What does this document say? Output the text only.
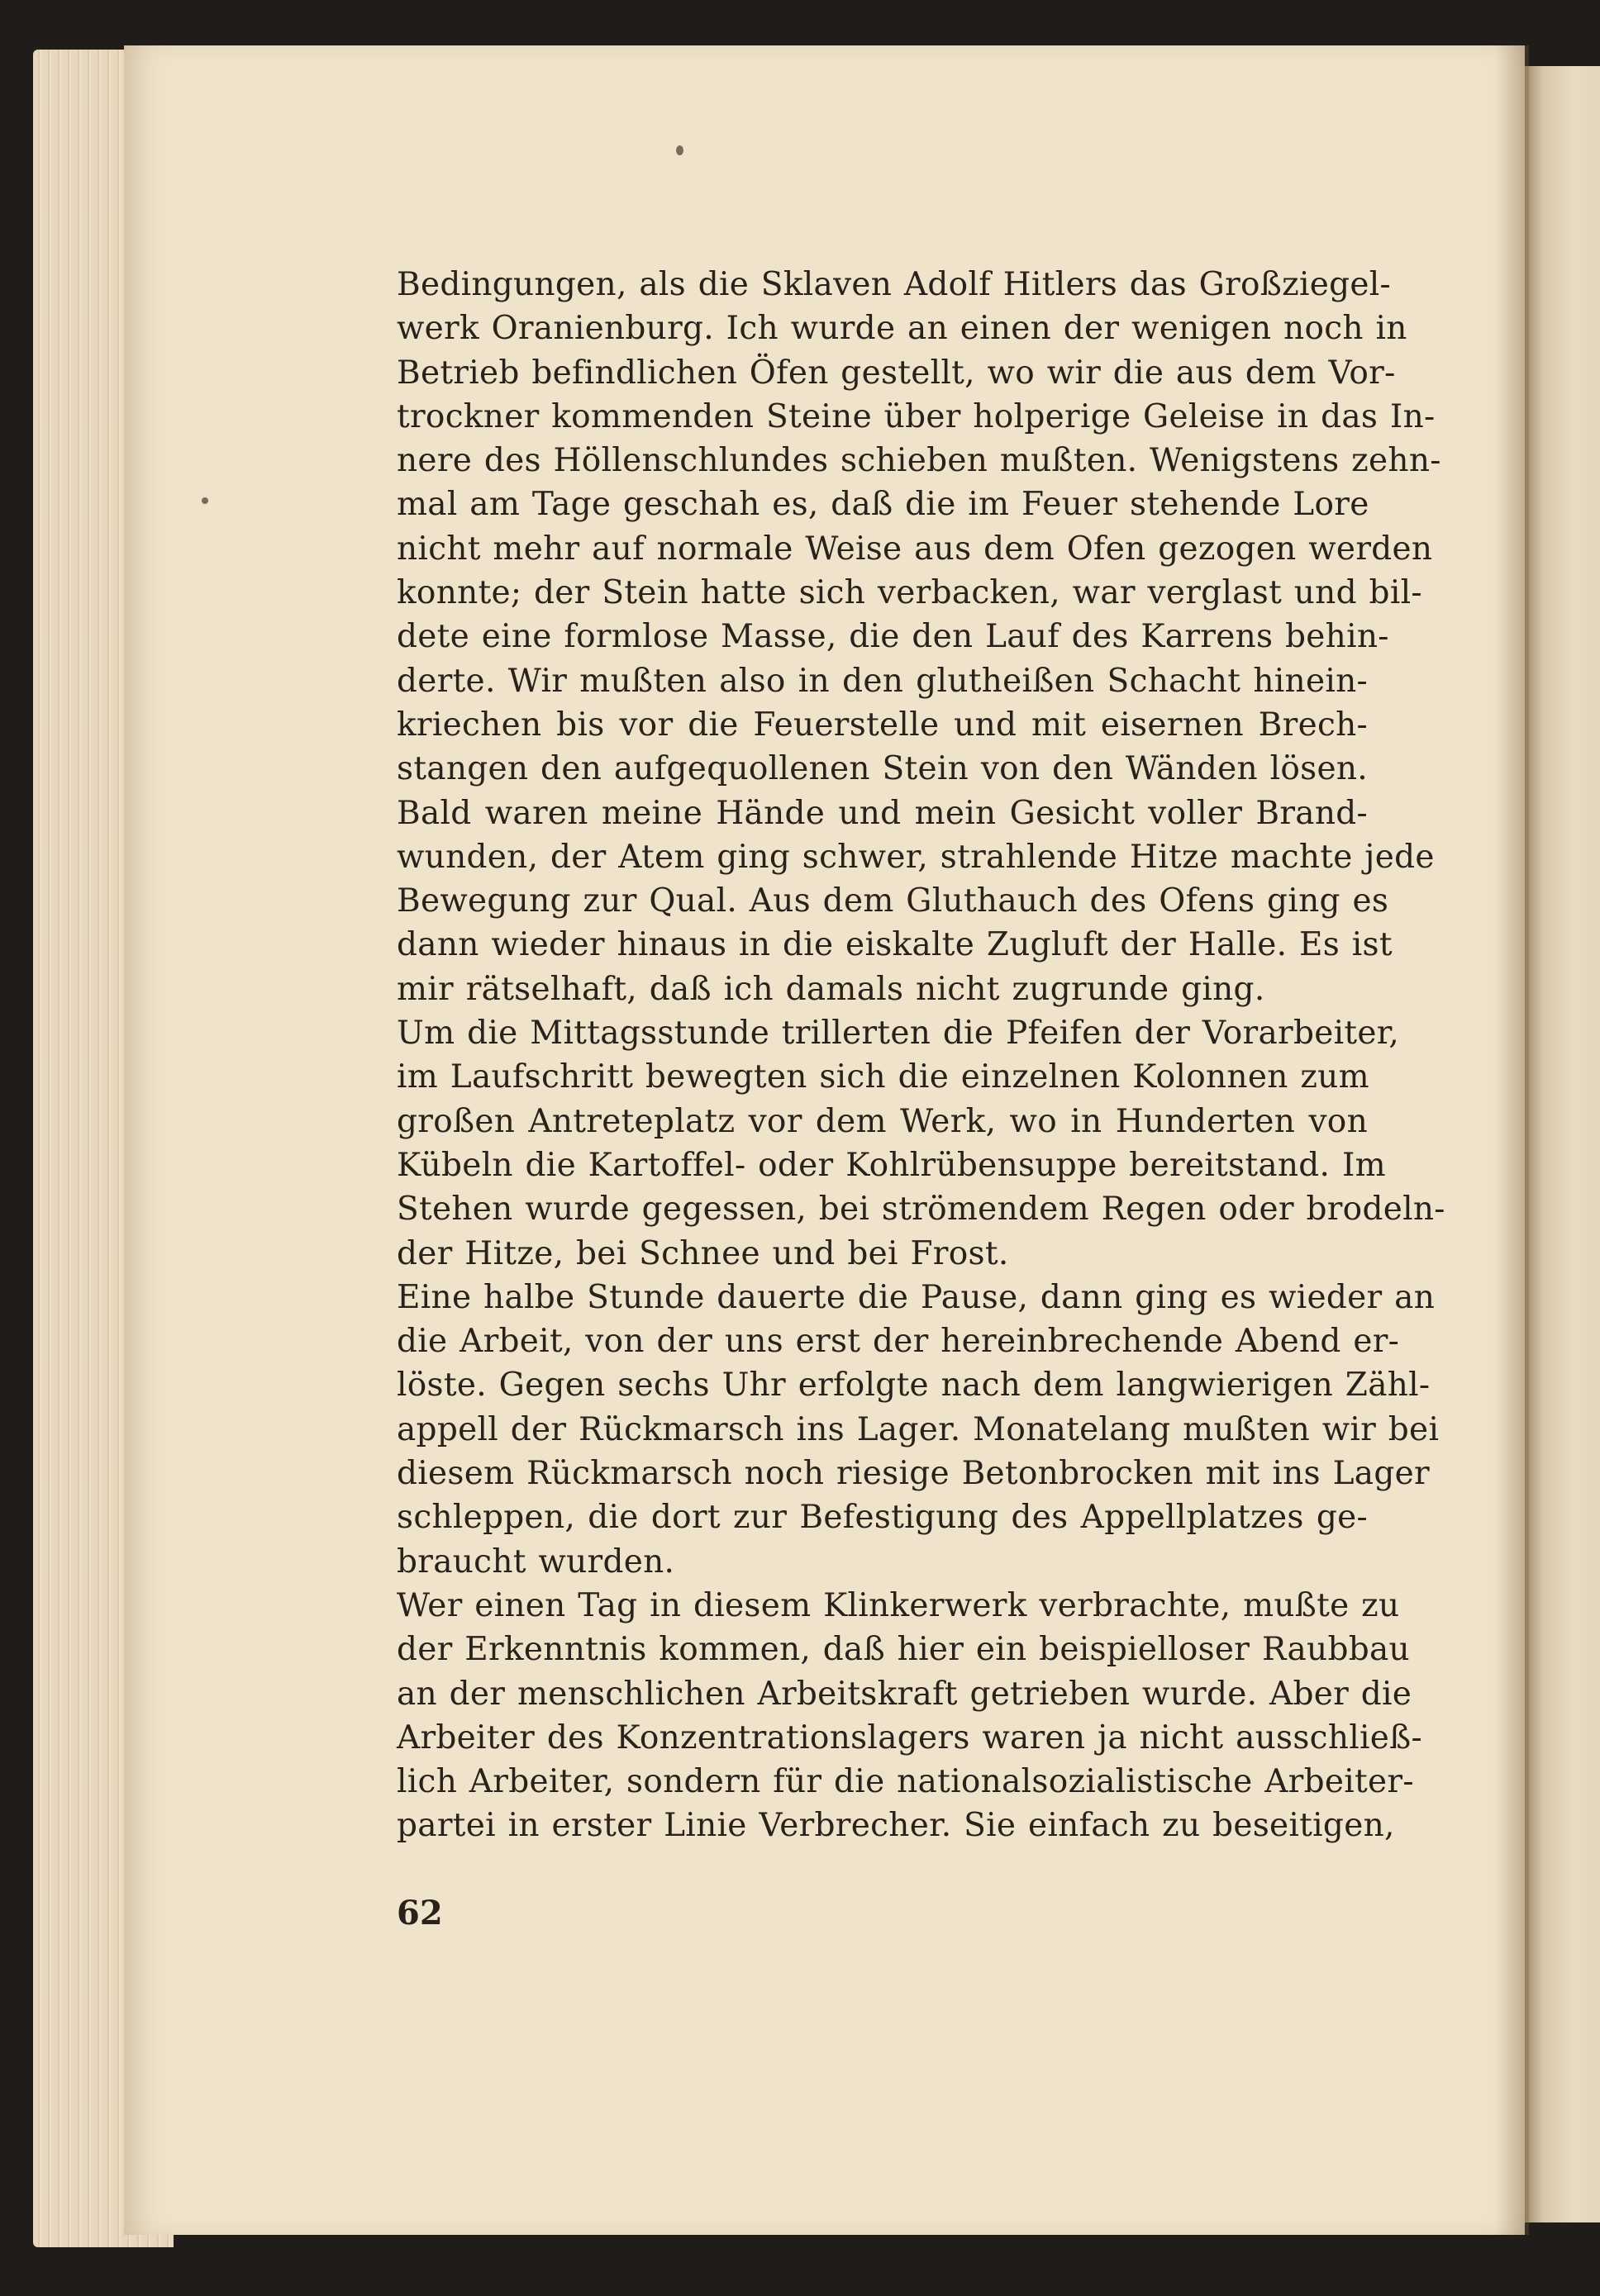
Bedingungen, als die Sklaven Adolf Hitlers das Großziegel-
werk Oranienburg. Ich wurde an einen der wenigen noch in
Betrieb befindlichen Öfen gestellt, wo wir die aus dem Vor-
trockner kommenden Steine über holperige Geleise in das In-
nere des Höllenschlundes schieben mußten. Wenigstens zehn-
mal am Tage geschah es, daß die im Feuer stehende Lore
nicht mehr auf normale Weise aus dem Ofen gezogen werden
konnte; der Stein hatte sich verbacken, war verglast und bil-
dete eine formlose Masse, die den Lauf des Karrens behin-
derte. Wir mußten also in den glutheißen Schacht hinein-
kriechen bis vor die Feuerstelle und mit eisernen Brech-
stangen den aufgequollenen Stein von den Wänden lösen.
Bald waren meine Hände und mein Gesicht voller Brand-
wunden, der Atem ging schwer, strahlende Hitze machte jede
Bewegung zur Qual. Aus dem Gluthauch des Ofens ging es
dann wieder hinaus in die eiskalte Zugluft der Halle. Es ist
mir rätselhaft, daß ich damals nicht zugrunde ging.
Um die Mittagsstunde trillerten die Pfeifen der Vorarbeiter,
im Laufschritt bewegten sich die einzelnen Kolonnen zum
großen Antreteplatz vor dem Werk, wo in Hunderten von
Kübeln die Kartoffel- oder Kohlrübensuppe bereitstand. Im
Stehen wurde gegessen, bei strömendem Regen oder brodeln-
der Hitze, bei Schnee und bei Frost.
Eine halbe Stunde dauerte die Pause, dann ging es wieder an
die Arbeit, von der uns erst der hereinbrechende Abend er-
löste. Gegen sechs Uhr erfolgte nach dem langwierigen Zähl-
appell der Rückmarsch ins Lager. Monatelang mußten wir bei
diesem Rückmarsch noch riesige Betonbrocken mit ins Lager
schleppen, die dort zur Befestigung des Appellplatzes ge-
braucht wurden.
Wer einen Tag in diesem Klinkerwerk verbrachte, mußte zu
der Erkenntnis kommen, daß hier ein beispielloser Raubbau
an der menschlichen Arbeitskraft getrieben wurde. Aber die
Arbeiter des Konzentrationslagers waren ja nicht ausschließ-
lich Arbeiter, sondern für die nationalsozialistische Arbeiter-
partei in erster Linie Verbrecher. Sie einfach zu beseitigen,
62
